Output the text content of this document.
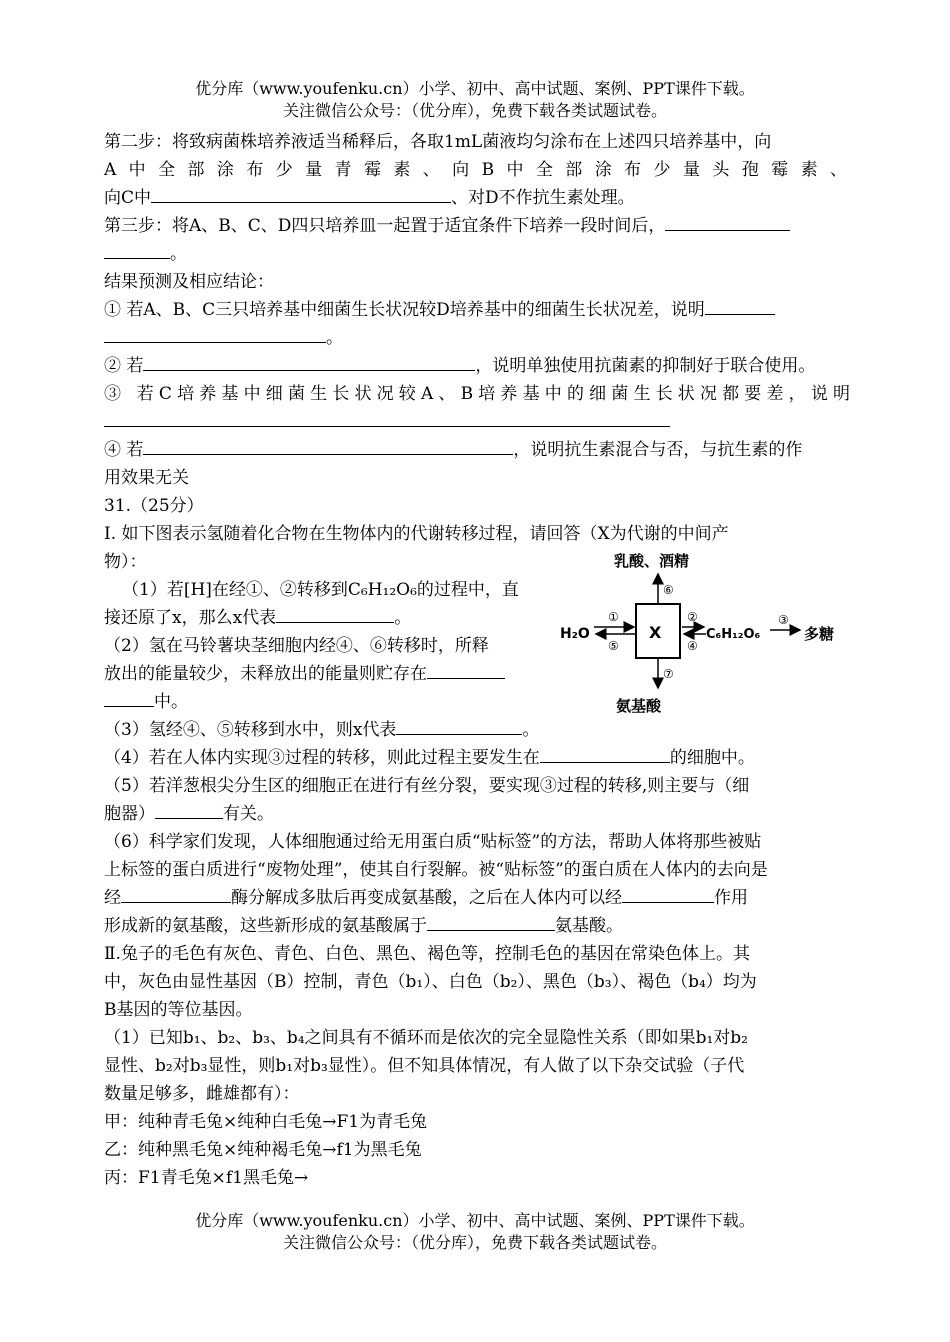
优分库（www.youfenku.cn）小学、初中、高中试题、案例、PPT课件下载。
关注微信公众号：（优分库），免费下载各类试题试卷。

第二步：将致病菌株培养液适当稀释后，各取1mL菌液均匀涂布在上述四只培养基中，向

A中全部涂布少量青霉素、向B中全部涂布少量头孢霉素、

向C中	、对D不作抗生素处理。

第三步：将A、B、C、D四只培养皿一起置于适宜条件下培养一段时间后，

。

结果预测及相应结论：

① 若A、B、C三只培养基中细菌生长状况较D培养基中的细菌生长状况差，说明

。

② 若	，说明单独使用抗菌素的抑制好于联合使用。

③ 若C培养基中细菌生长状况较A、B培养基中的细菌生长状况都要差，说明

④ 若	，说明抗生素混合与否，与抗生素的作

用效果无关

31.（25分）

I. 如下图表示氢随着化合物在生物体内的代谢转移过程，请回答（X为代谢的中间产

物）：

（1）若[H]在经①、②转移到C₆H₁₂O₆的过程中，直

接还原了x，那么x代表	。

（2）氢在马铃薯块茎细胞内经④、⑥转移时，所释

放出的能量较少，未释放出的能量则贮存在

中。

（3）氢经④、⑤转移到水中，则x代表	。

（4）若在人体内实现③过程的转移，则此过程主要发生在	的细胞中。

（5）若洋葱根尖分生区的细胞正在进行有丝分裂，要实现③过程的转移,则主要与（细

胞器）	有关。

（6）科学家们发现，人体细胞通过给无用蛋白质“贴标签”的方法，帮助人体将那些被贴

上标签的蛋白质进行“废物处理”，使其自行裂解。被“贴标签”的蛋白质在人体内的去向是

经	酶分解成多肽后再变成氨基酸，之后在人体内可以经	作用

形成新的氨基酸，这些新形成的氨基酸属于	氨基酸。

Ⅱ.兔子的毛色有灰色、青色、白色、黑色、褐色等，控制毛色的基因在常染色体上。其

中，灰色由显性基因（B）控制，青色（b₁）、白色（b₂）、黑色（b₃）、褐色（b₄）均为

B基因的等位基因。

（1）已知b₁、b₂、b₃、b₄之间具有不循环而是依次的完全显隐性关系（即如果b₁对b₂

显性、b₂对b₃显性，则b₁对b₃显性）。但不知具体情况，有人做了以下杂交试验（子代

数量足够多，雌雄都有）：

甲：纯种青毛兔×纯种白毛兔→F1为青毛兔

乙：纯种黑毛兔×纯种褐毛兔→f1为黑毛兔

丙：F1青毛兔×f1黑毛兔→

乳酸、酒精
氨基酸
H₂O	X	C₆H₁₂O₆	多糖
①
⑤
②
④
③
⑥
⑦
优分库（www.youfenku.cn）小学、初中、高中试题、案例、PPT课件下载。
关注微信公众号：（优分库），免费下载各类试题试卷。
